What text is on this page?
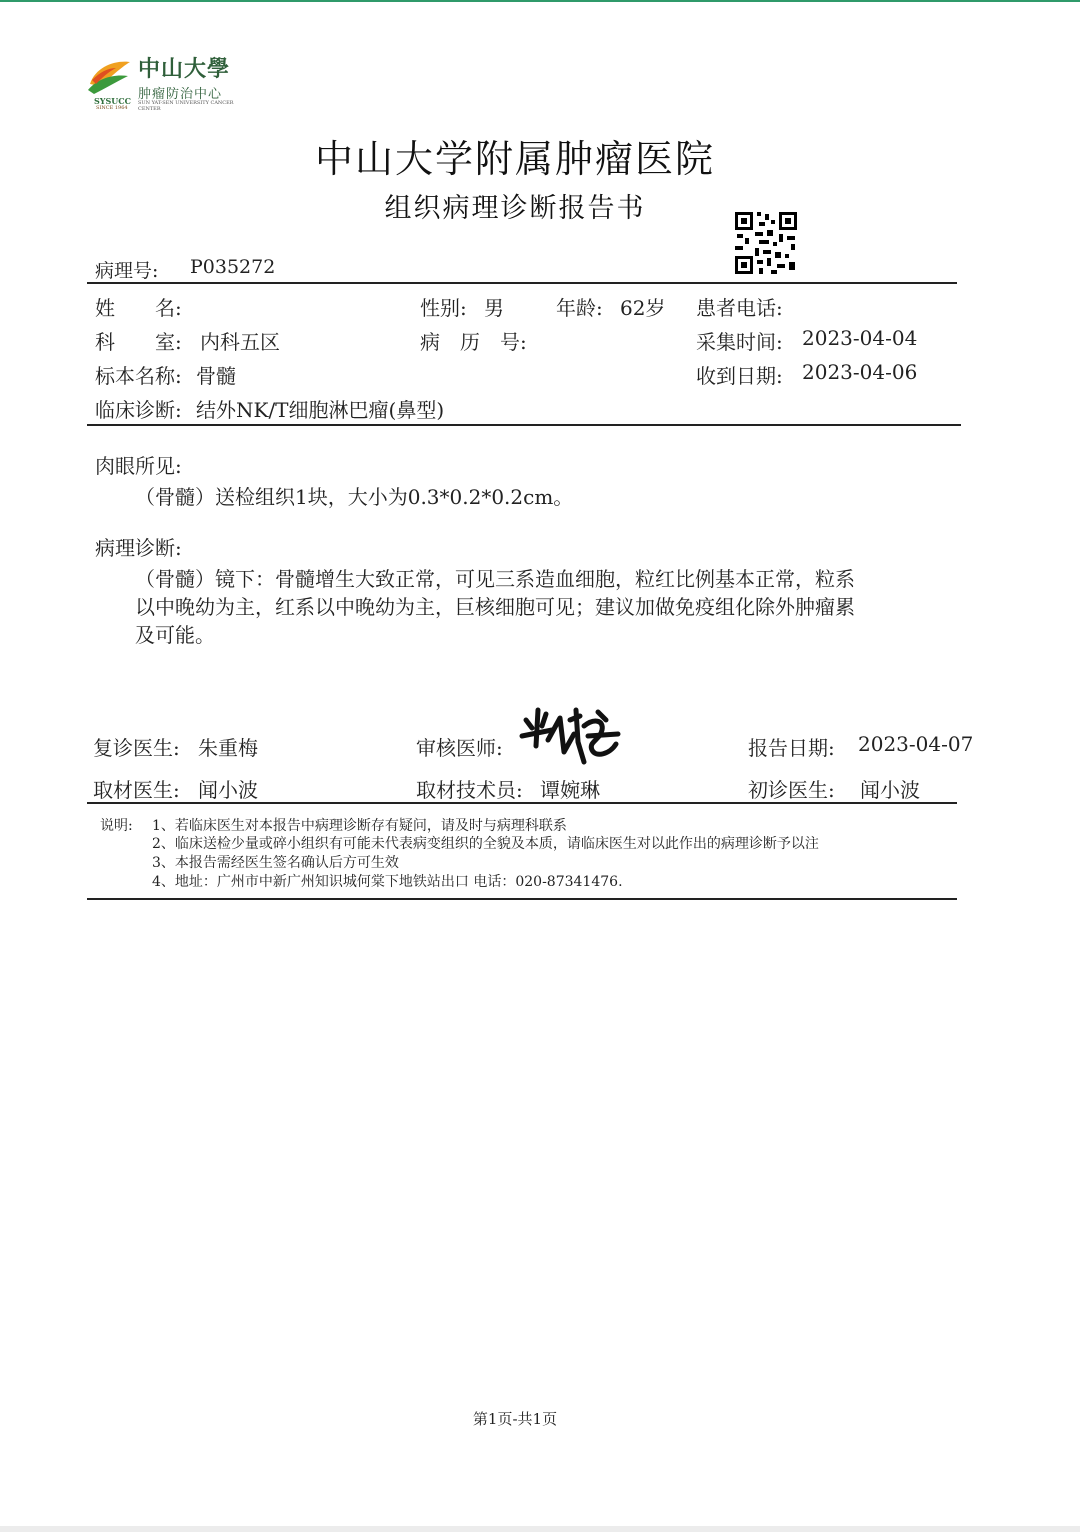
中山大學
肿瘤防治中心
SYSUCC
SINCE 1964
SUN YAT-SEN UNIVERSITY CANCER CENTER
中山大学附属肿瘤医院
组织病理诊断报告书
病理号: P035272
姓　　名:	性别: 男	年龄: 62岁 患者电话:
科　　室: 内科五区	病　历　号:	采集时间: 2023-04-04
标本名称: 骨髓	收到日期: 2023-04-06
临床诊断: 结外NK/T细胞淋巴瘤(鼻型)
肉眼所见:
（骨髓）送检组织1块，大小为0.3*0.2*0.2cm。
病理诊断:
（骨髓）镜下：骨髓增生大致正常，可见三系造血细胞，粒红比例基本正常，粒系
以中晚幼为主，红系以中晚幼为主，巨核细胞可见；建议加做免疫组化除外肿瘤累
及可能。
复诊医生: 朱重梅	审核医师:	报告日期: 2023-04-07
取材医生: 闻小波	取材技术员: 谭婉琳	初诊医生: 闻小波
说明: 1、若临床医生对本报告中病理诊断存有疑问，请及时与病理科联系
2、临床送检少量或碎小组织有可能未代表病变组织的全貌及本质，请临床医生对以此作出的病理诊断予以注
3、本报告需经医生签名确认后方可生效
4、地址：广州市中新广州知识城何棠下地铁站出口 电话：020-87341476.
第1页-共1页
